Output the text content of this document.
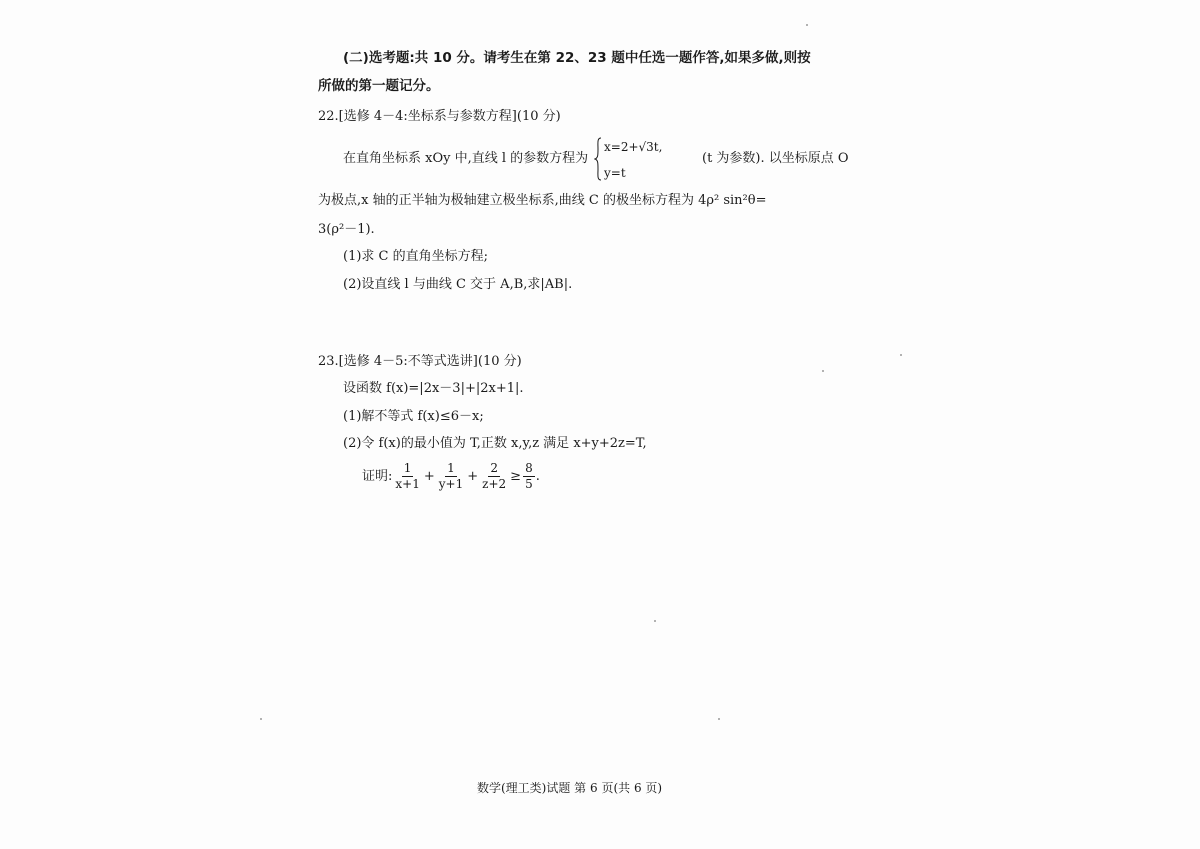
(二)选考题:共 10 分。请考生在第 22、23 题中任选一题作答,如果多做,则按
所做的第一题记分。
22.[选修 4－4:坐标系与参数方程](10 分)
在直角坐标系 xOy 中,直线 l 的参数方程为
x=2+√3t,
y=t
(t 为参数). 以坐标原点 O
为极点,x 轴的正半轴为极轴建立极坐标系,曲线 C 的极坐标方程为 4ρ² sin²θ=
3(ρ²－1).
(1)求 C 的直角坐标方程;
(2)设直线 l 与曲线 C 交于 A,B,求|AB|.
23.[选修 4－5:不等式选讲](10 分)
设函数 f(x)=|2x－3|+|2x+1|.
(1)解不等式 f(x)≤6－x;
(2)令 f(x)的最小值为 T,正数 x,y,z 满足 x+y+2z=T,
证明: $\frac{1}{x+1} + \frac{1}{y+1} + \frac{2}{z+2} \ge \frac{8}{5}$ .
数学(理工类)试题 第 6 页(共 6 页)
